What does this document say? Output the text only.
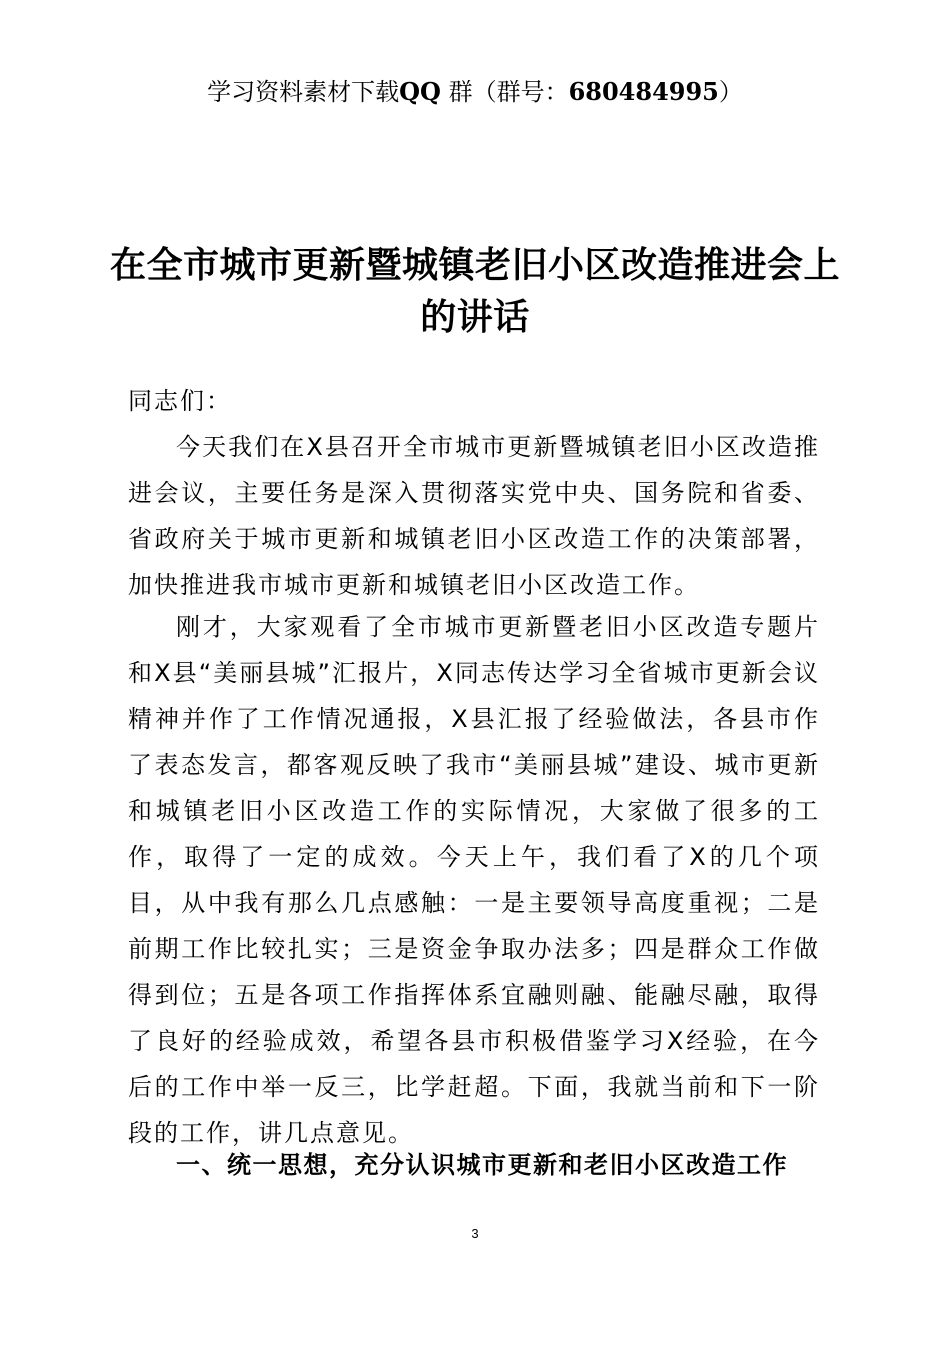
学习资料素材下载QQ 群（群号：680484995）
在全市城市更新暨城镇老旧小区改造推进会上的讲话
同志们：

今天我们在X县召开全市城市更新暨城镇老旧小区改造推进会议，主要任务是深入贯彻落实党中央、国务院和省委、省政府关于城市更新和城镇老旧小区改造工作的决策部署，加快推进我市城市更新和城镇老旧小区改造工作。

刚才，大家观看了全市城市更新暨老旧小区改造专题片和X县“美丽县城”汇报片，X同志传达学习全省城市更新会议精神并作了工作情况通报，X县汇报了经验做法，各县市作了表态发言，都客观反映了我市“美丽县城”建设、城市更新和城镇老旧小区改造工作的实际情况，大家做了很多的工作，取得了一定的成效。今天上午，我们看了X的几个项目，从中我有那么几点感触：一是主要领导高度重视；二是前期工作比较扎实；三是资金争取办法多；四是群众工作做得到位；五是各项工作指挥体系宜融则融、能融尽融，取得了良好的经验成效，希望各县市积极借鉴学习X经验，在今后的工作中举一反三，比学赶超。下面，我就当前和下一阶段的工作，讲几点意见。

一、统一思想，充分认识城市更新和老旧小区改造工作
3
